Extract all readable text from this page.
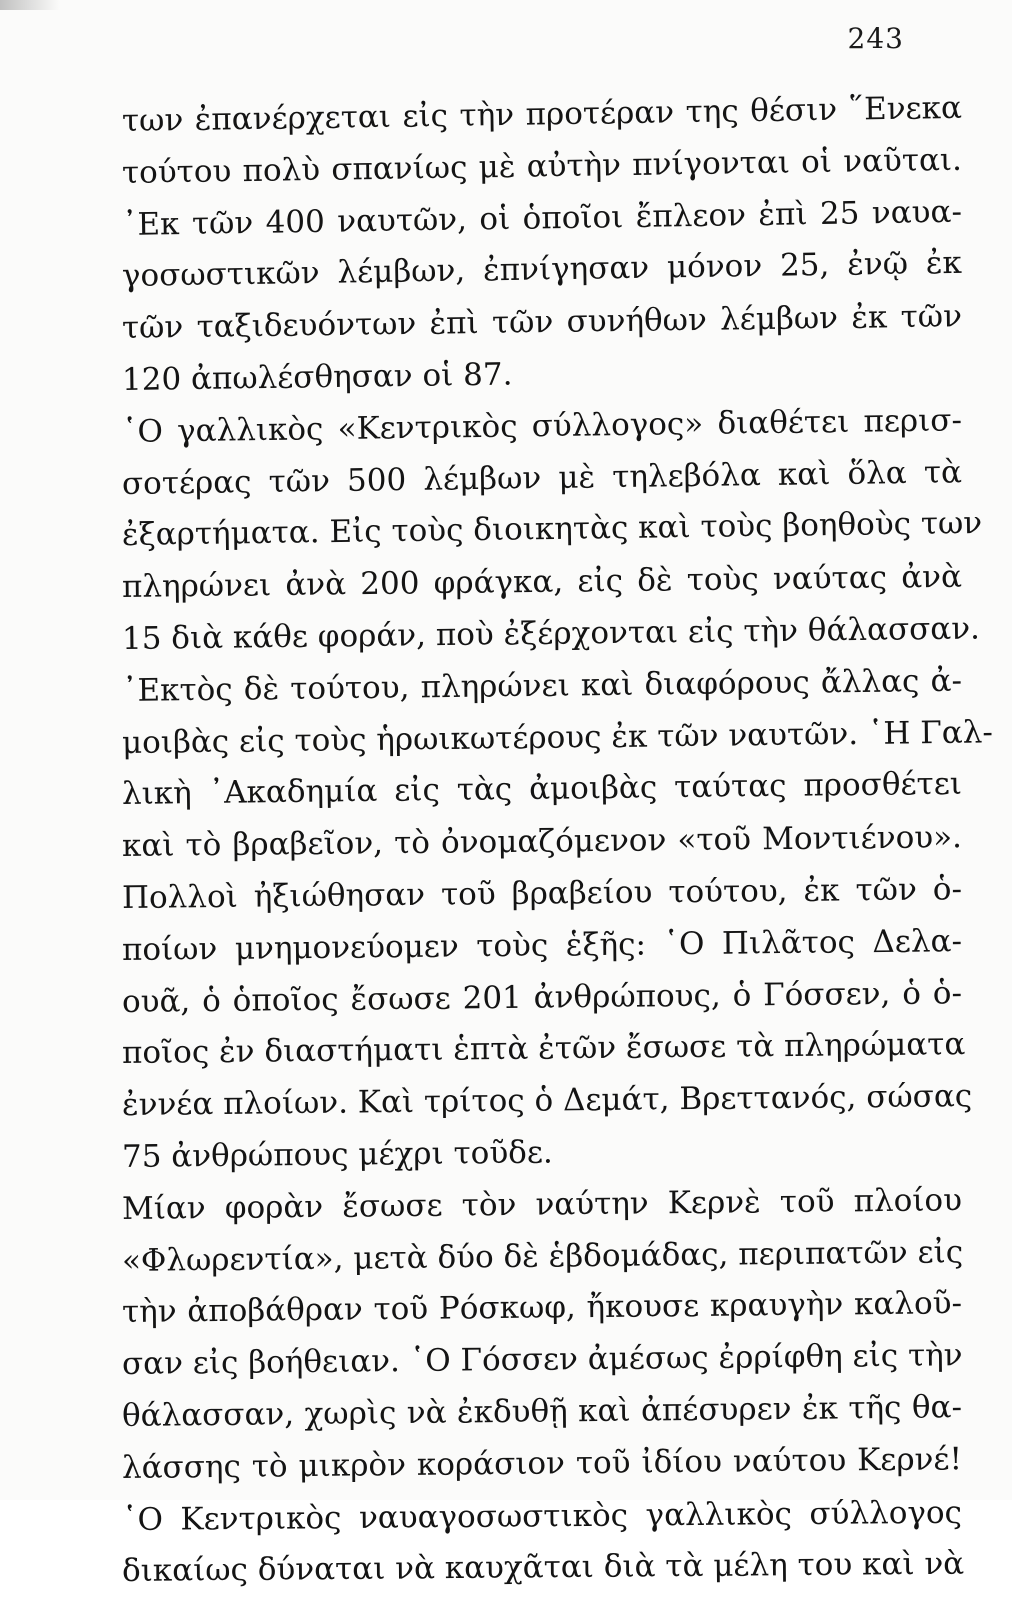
243
των ἐπανέρχεται εἰς τὴν προτέραν της θέσιν ῞Ενεκα
τούτου πολὺ σπανίως μὲ αὐτὴν πνίγονται οἱ ναῦται.
᾿Εκ τῶν 400 ναυτῶν, οἱ ὁποῖοι ἔπλεον ἐπὶ 25 ναυα-
γοσωστικῶν λέμβων, ἐπνίγησαν μόνον 25, ἐνῷ ἐκ
τῶν ταξιδευόντων ἐπὶ τῶν συνήθων λέμβων ἐκ τῶν
120 ἀπωλέσθησαν οἱ 87.
῾Ο γαλλικὸς «Κεντρικὸς σύλλογος» διαθέτει περισ-
σοτέρας τῶν 500 λέμβων μὲ τηλεβόλα καὶ ὅλα τὰ
ἐξαρτήματα. Εἰς τοὺς διοικητὰς καὶ τοὺς βοηθοὺς των
πληρώνει ἀνὰ 200 φράγκα, εἰς δὲ τοὺς ναύτας ἀνὰ
15 διὰ κάθε φοράν, ποὺ ἐξέρχονται εἰς τὴν θάλασσαν.
᾿Εκτὸς δὲ τούτου, πληρώνει καὶ διαφόρους ἄλλας ἀ-
μοιβὰς εἰς τοὺς ἡρωικωτέρους ἐκ τῶν ναυτῶν. ῾Η Γαλ-
λικὴ ᾿Ακαδημία εἰς τὰς ἀμοιβὰς ταύτας προσθέτει
καὶ τὸ βραβεῖον, τὸ ὀνομαζόμενον «τοῦ Μοντιένου».
Πολλοὶ ἠξιώθησαν τοῦ βραβείου τούτου, ἐκ τῶν ὁ-
ποίων μνημονεύομεν τοὺς ἑξῆς: ῾Ο Πιλᾶτος Δελα-
ουᾶ, ὁ ὁποῖος ἔσωσε 201 ἀνθρώπους, ὁ Γόσσεν, ὁ ὁ-
ποῖος ἐν διαστήματι ἑπτὰ ἐτῶν ἔσωσε τὰ πληρώματα
ἐννέα πλοίων. Καὶ τρίτος ὁ Δεμάτ, Βρεττανός, σώσας
75 ἀνθρώπους μέχρι τοῦδε.
Μίαν φορὰν ἔσωσε τὸν ναύτην Κερνὲ τοῦ πλοίου
«Φλωρεντία», μετὰ δύο δὲ ἑβδομάδας, περιπατῶν εἰς
τὴν ἀποβάθραν τοῦ Ρόσκωφ, ἤκουσε κραυγὴν καλοῦ-
σαν εἰς βοήθειαν. ῾Ο Γόσσεν ἀμέσως ἐρρίφθη εἰς τὴν
θάλασσαν, χωρὶς νὰ ἐκδυθῇ καὶ ἀπέσυρεν ἐκ τῆς θα-
λάσσης τὸ μικρὸν κοράσιον τοῦ ἰδίου ναύτου Κερνέ!
῾Ο Κεντρικὸς ναυαγοσωστικὸς γαλλικὸς σύλλογος
δικαίως δύναται νὰ καυχᾶται διὰ τὰ μέλη του καὶ νὰ
